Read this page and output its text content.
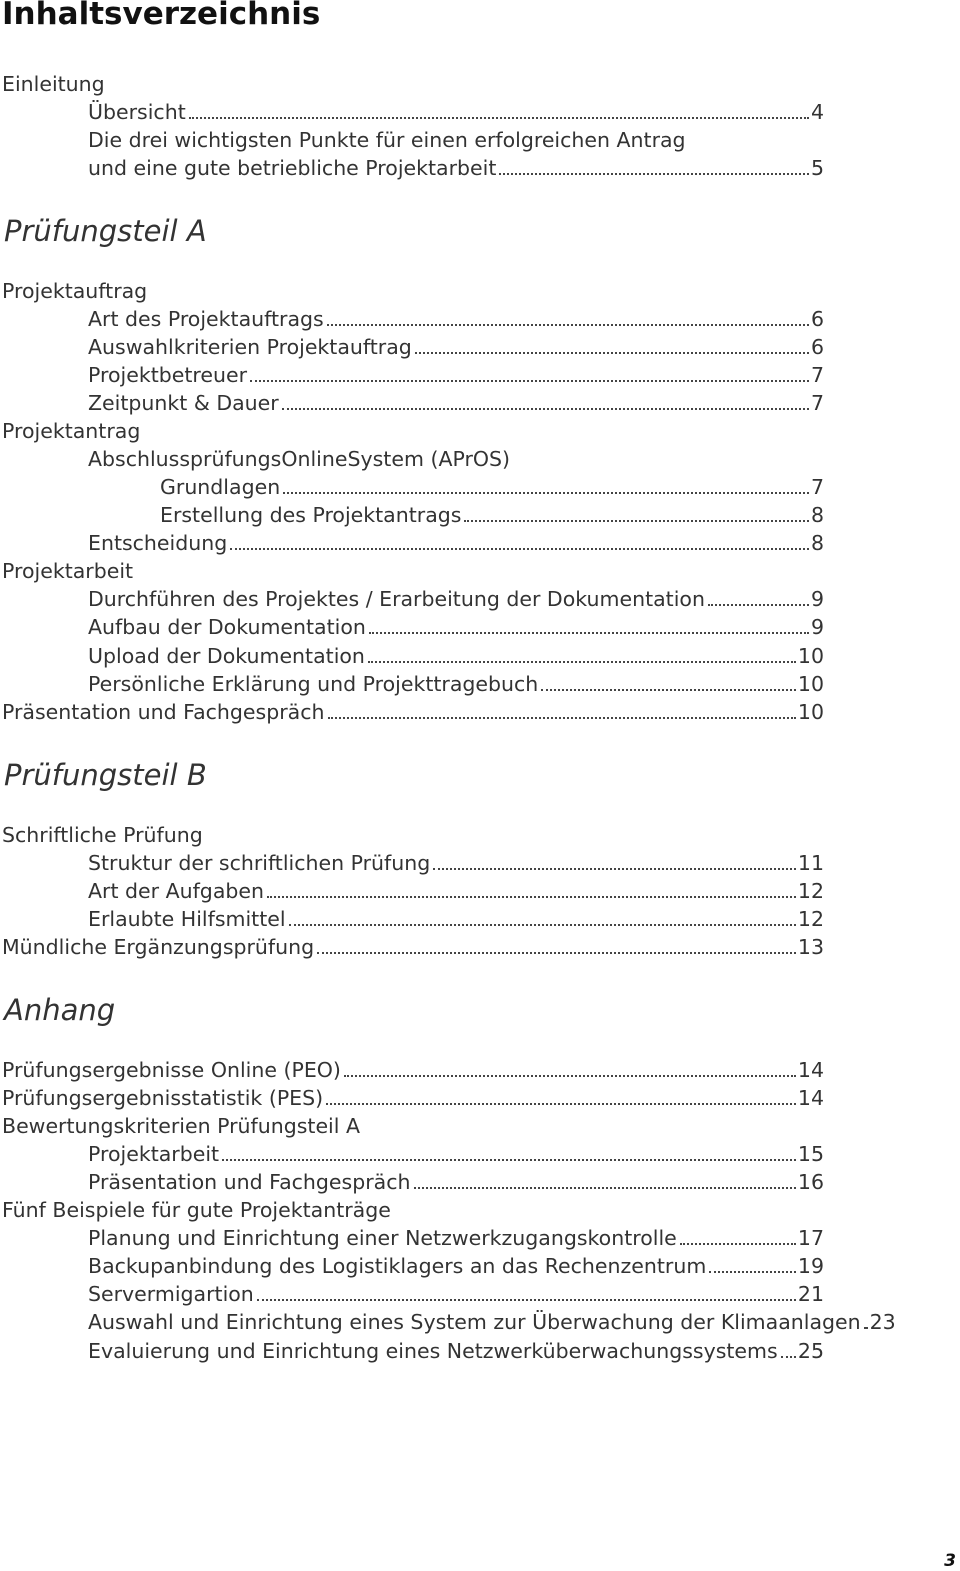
Inhaltsverzeichnis
Einleitung
Übersicht	4
Die drei wichtigsten Punkte für einen erfolgreichen Antrag
und eine gute betriebliche Projektarbeit	5
Prüfungsteil A
Projektauftrag
Art des Projektauftrags	6
Auswahlkriterien Projektauftrag	6
Projektbetreuer	7
Zeitpunkt & Dauer	7
Projektantrag
AbschlussprüfungsOnlineSystem (APrOS)
Grundlagen	7
Erstellung des Projektantrags	8
Entscheidung	8
Projektarbeit
Durchführen des Projektes / Erarbeitung der Dokumentation	9
Aufbau der Dokumentation	9
Upload der Dokumentation	10
Persönliche Erklärung und Projekttragebuch	10
Präsentation und Fachgespräch	10
Prüfungsteil B
Schriftliche Prüfung
Struktur der schriftlichen Prüfung	11
Art der Aufgaben	12
Erlaubte Hilfsmittel	12
Mündliche Ergänzungsprüfung	13
Anhang
Prüfungsergebnisse Online (PEO)	14
Prüfungsergebnisstatistik (PES)	14
Bewertungskriterien Prüfungsteil A
Projektarbeit	15
Präsentation und Fachgespräch	16
Fünf Beispiele für gute Projektanträge
Planung und Einrichtung einer Netzwerkzugangskontrolle	17
Backupanbindung des Logistiklagers an das Rechenzentrum	19
Servermigartion	21
Auswahl und Einrichtung eines System zur Überwachung der Klimaanlagen 23
Evaluierung und Einrichtung eines Netzwerküberwachungssystems 25
3
